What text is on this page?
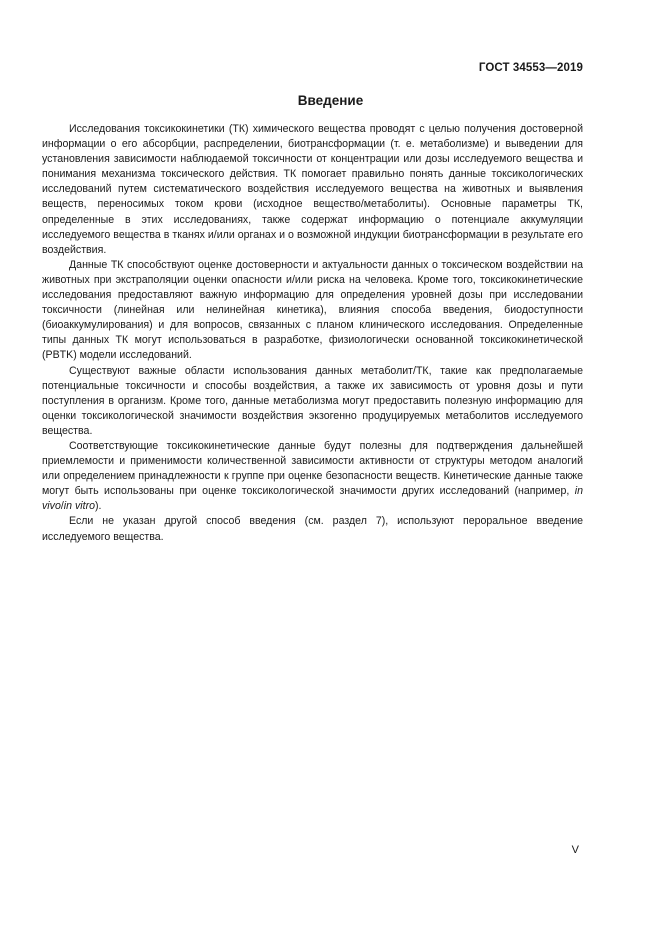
ГОСТ 34553—2019
Введение

Исследования токсикокинетики (ТК) химического вещества проводят с целью получения достоверной информации о его абсорбции, распределении, биотрансформации (т. е. метаболизме) и выведении для установления зависимости наблюдаемой токсичности от концентрации или дозы исследуемого вещества и понимания механизма токсического действия. ТК помогает правильно понять данные токсикологических исследований путем систематического воздействия исследуемого вещества на животных и выявления веществ, переносимых током крови (исходное вещество/метаболиты). Основные параметры ТК, определенные в этих исследованиях, также содержат информацию о потенциале аккумуляции исследуемого вещества в тканях и/или органах и о возможной индукции биотрансформации в результате его воздействия.

Данные ТК способствуют оценке достоверности и актуальности данных о токсическом воздействии на животных при экстраполяции оценки опасности и/или риска на человека. Кроме того, токсикокинетические исследования предоставляют важную информацию для определения уровней дозы при исследовании токсичности (линейная или нелинейная кинетика), влияния способа введения, биодоступности (биоаккумулирования) и для вопросов, связанных с планом клинического исследования. Определенные типы данных ТК могут использоваться в разработке, физиологически основанной токсикокинетической (PBTK) модели исследований.

Существуют важные области использования данных метаболит/ТК, такие как предполагаемые потенциальные токсичности и способы воздействия, а также их зависимость от уровня дозы и пути поступления в организм. Кроме того, данные метаболизма могут предоставить полезную информацию для оценки токсикологической значимости воздействия экзогенно продуцируемых метаболитов исследуемого вещества.

Соответствующие токсикокинетические данные будут полезны для подтверждения дальнейшей приемлемости и применимости количественной зависимости активности от структуры методом аналогий или определением принадлежности к группе при оценке безопасности веществ. Кинетические данные также могут быть использованы при оценке токсикологической значимости других исследований (например, in vivo/in vitro).

Если не указан другой способ введения (см. раздел 7), используют пероральное введение исследуемого вещества.

V
